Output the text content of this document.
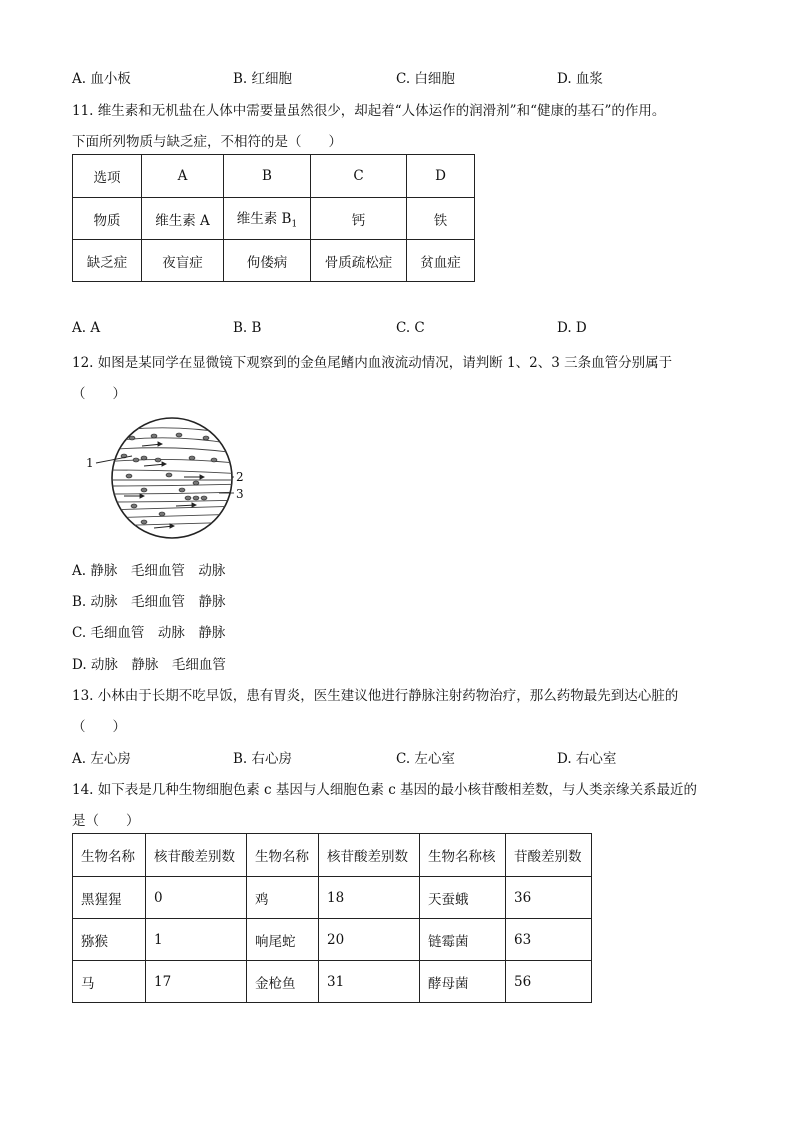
A. 血小板	B. 红细胞	C. 白细胞	D. 血浆
11. 维生素和无机盐在人体中需要量虽然很少，却起着“人体运作的润滑剂”和“健康的基石”的作用。
下面所列物质与缺乏症，不相符的是（　　）
选项	A	B	C	D
物质	维生素 A	维生素 $B_1$	钙	铁
缺乏症	夜盲症	佝偻病	骨质疏松症	贫血症
A. A	B. B	C. C	D. D
12. 如图是某同学在显微镜下观察到的金鱼尾鳍内血液流动情况，请判断 1、2、3 三条血管分别属于
（　　）
1
2
3
A. 静脉　毛细血管　动脉
B. 动脉　毛细血管　静脉
C. 毛细血管　动脉　静脉
D. 动脉　静脉　毛细血管
13. 小林由于长期不吃早饭，患有胃炎，医生建议他进行静脉注射药物治疗，那么药物最先到达心脏的
（　　）
A. 左心房	B. 右心房	C. 左心室	D. 右心室
14. 如下表是几种生物细胞色素 c 基因与人细胞色素 c 基因的最小核苷酸相差数，与人类亲缘关系最近的
是（　　）
生物名称	核苷酸差别数	生物名称	核苷酸差别数	生物名称核	苷酸差别数
黑猩猩	0	鸡	18	天蚕蛾	36
猕猴	1	响尾蛇	20	链霉菌	63
马	17	金枪鱼	31	酵母菌	56
